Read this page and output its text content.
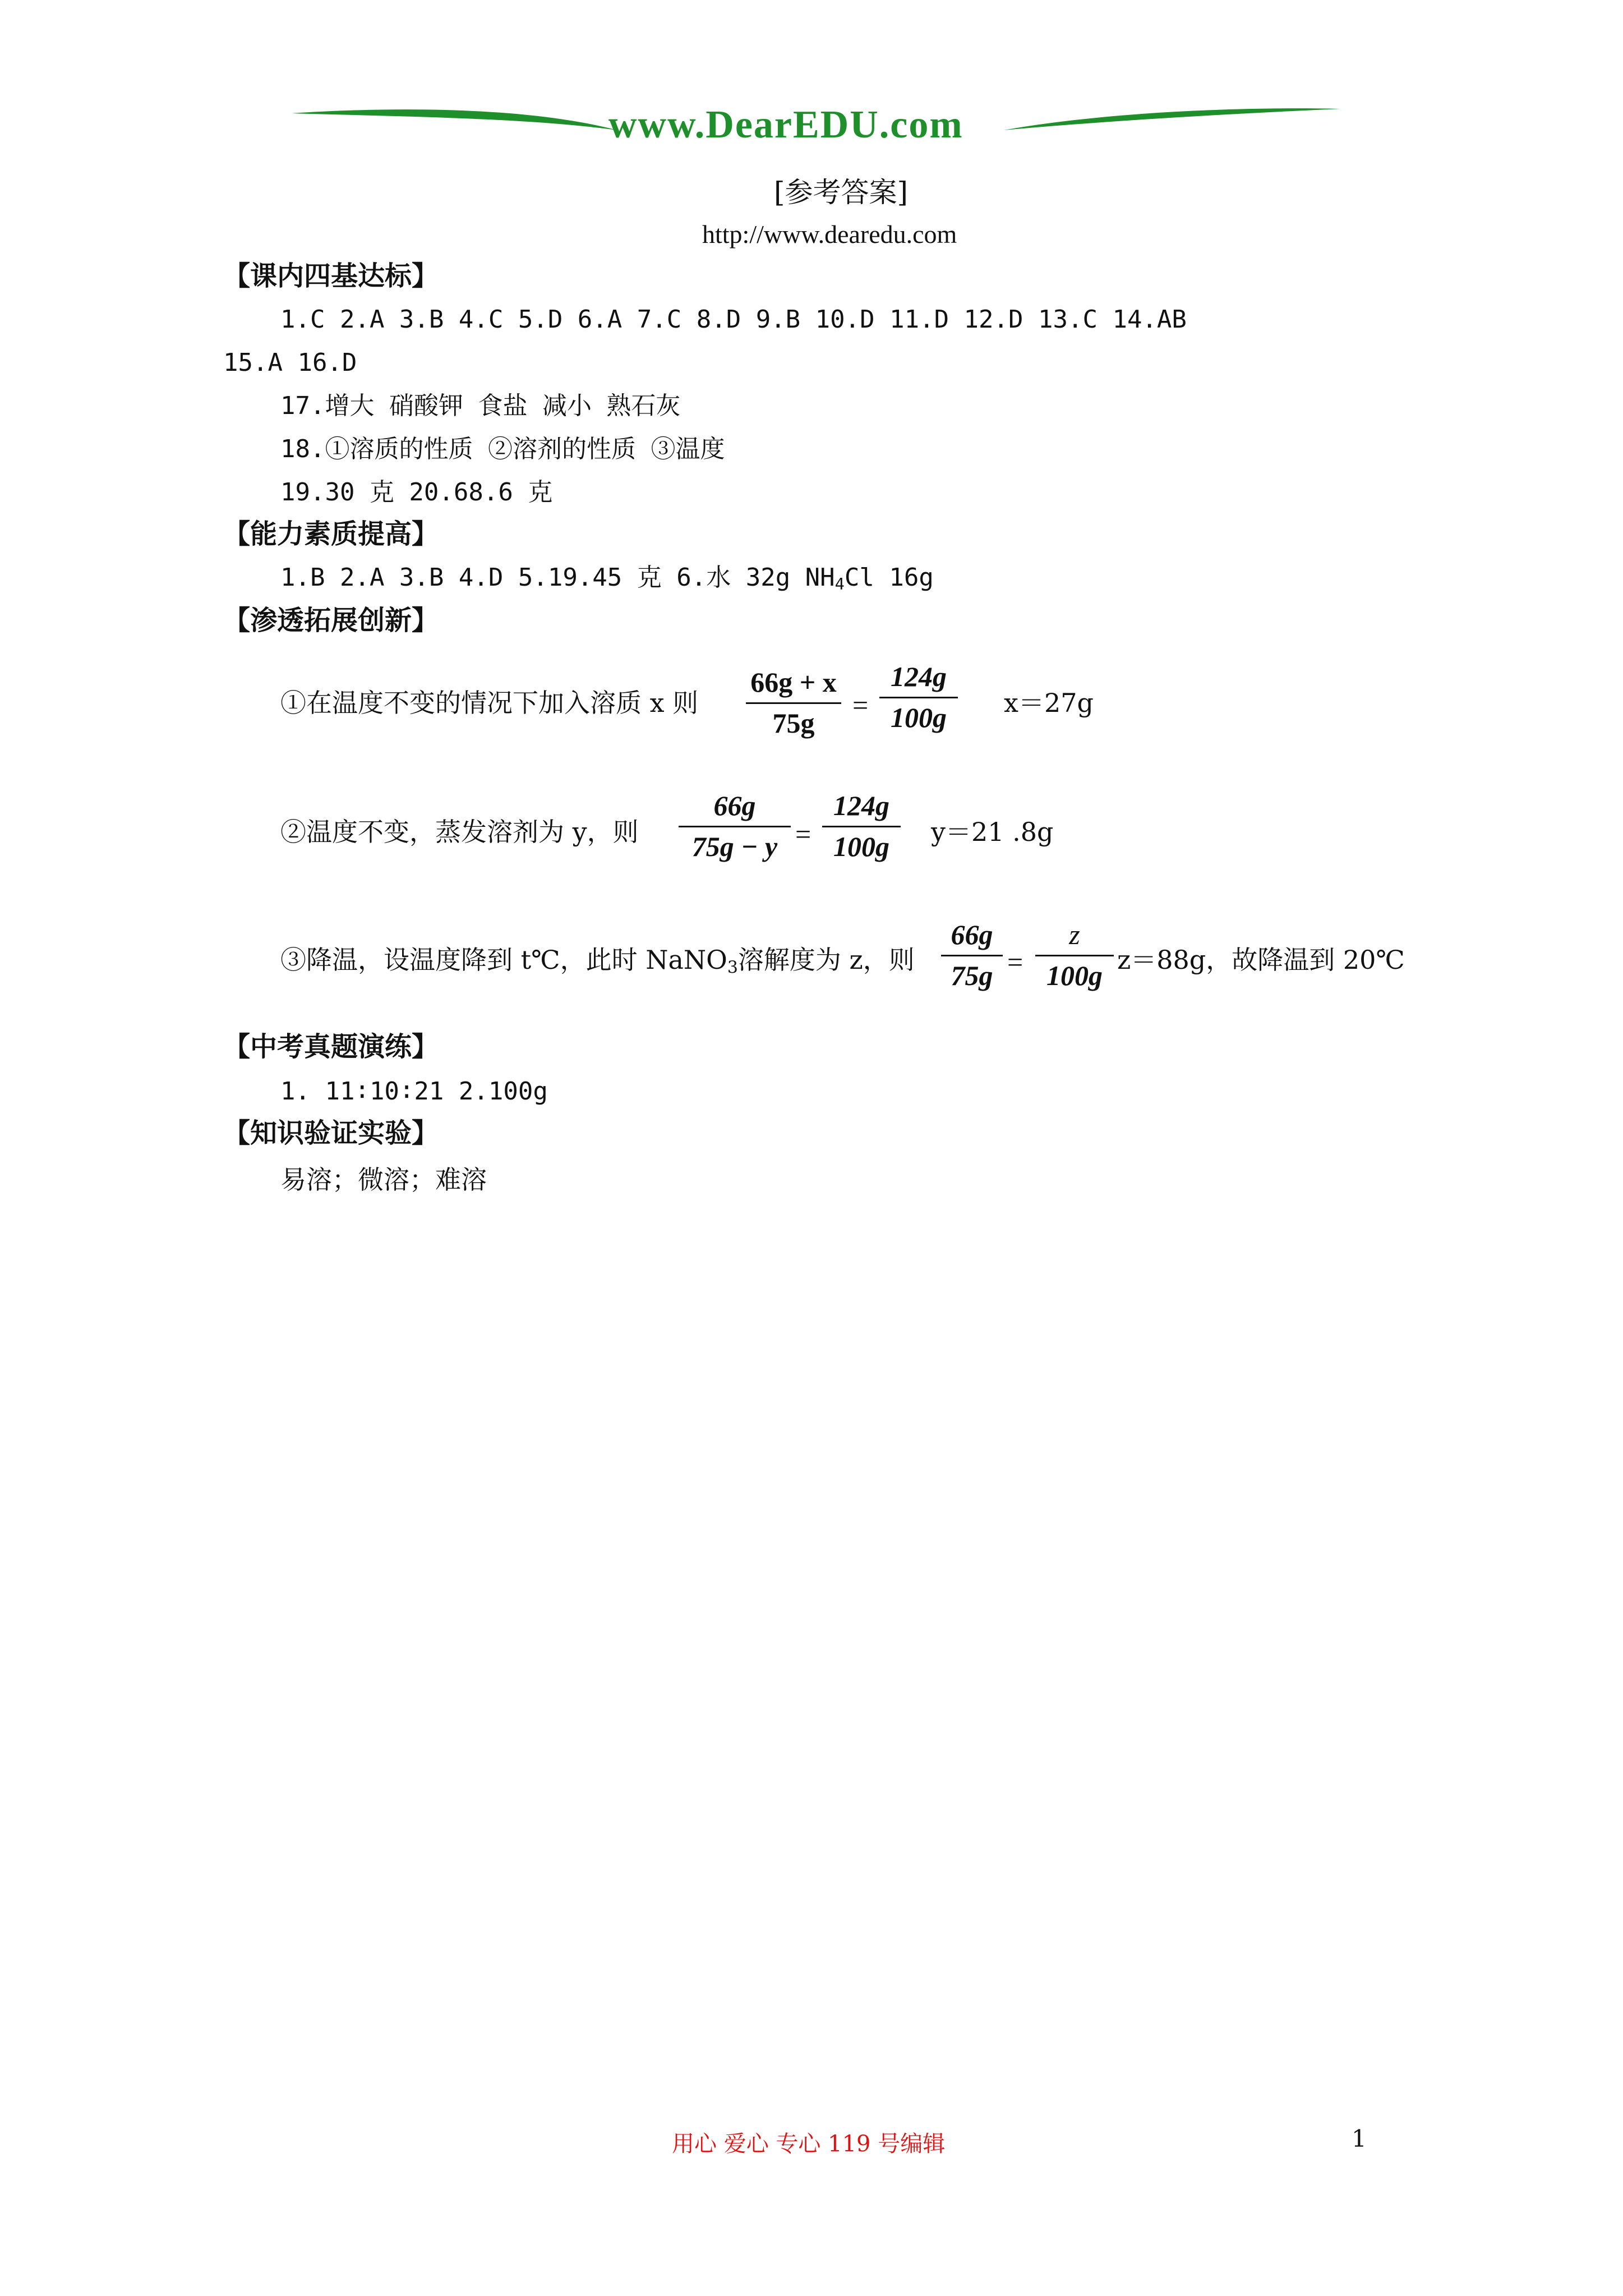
www.DearEDU.com
[参考答案]
http://www.dearedu.com
【课内四基达标】
1.C 2.A 3.B 4.C 5.D 6.A 7.C 8.D 9.B 10.D 11.D 12.D 13.C 14.AB
15.A 16.D
17.增大 硝酸钾 食盐 减小 熟石灰
18.①溶质的性质 ②溶剂的性质 ③温度
19.30 克 20.68.6 克
【能力素质提高】
1.B 2.A 3.B 4.D 5.19.45 克 6.水 32g $NH_4Cl$ 16g
【渗透拓展创新】
①在温度不变的情况下加入溶质 x 则
66g + x
75g
=
124g
100g	x＝27g
②温度不变，蒸发溶剂为 y，则
66g
75g − y =
124g
100g	y＝21 .8g
③降温，设温度降到 t℃，此时 NaNO$_3$溶解度为 z，则
66g
75g =
z
100g z＝88g，故降温到 20℃
【中考真题演练】
1. 11∶10∶21 2.100g
【知识验证实验】
易溶；微溶；难溶
用心 爱心 专心 119 号编辑	1
